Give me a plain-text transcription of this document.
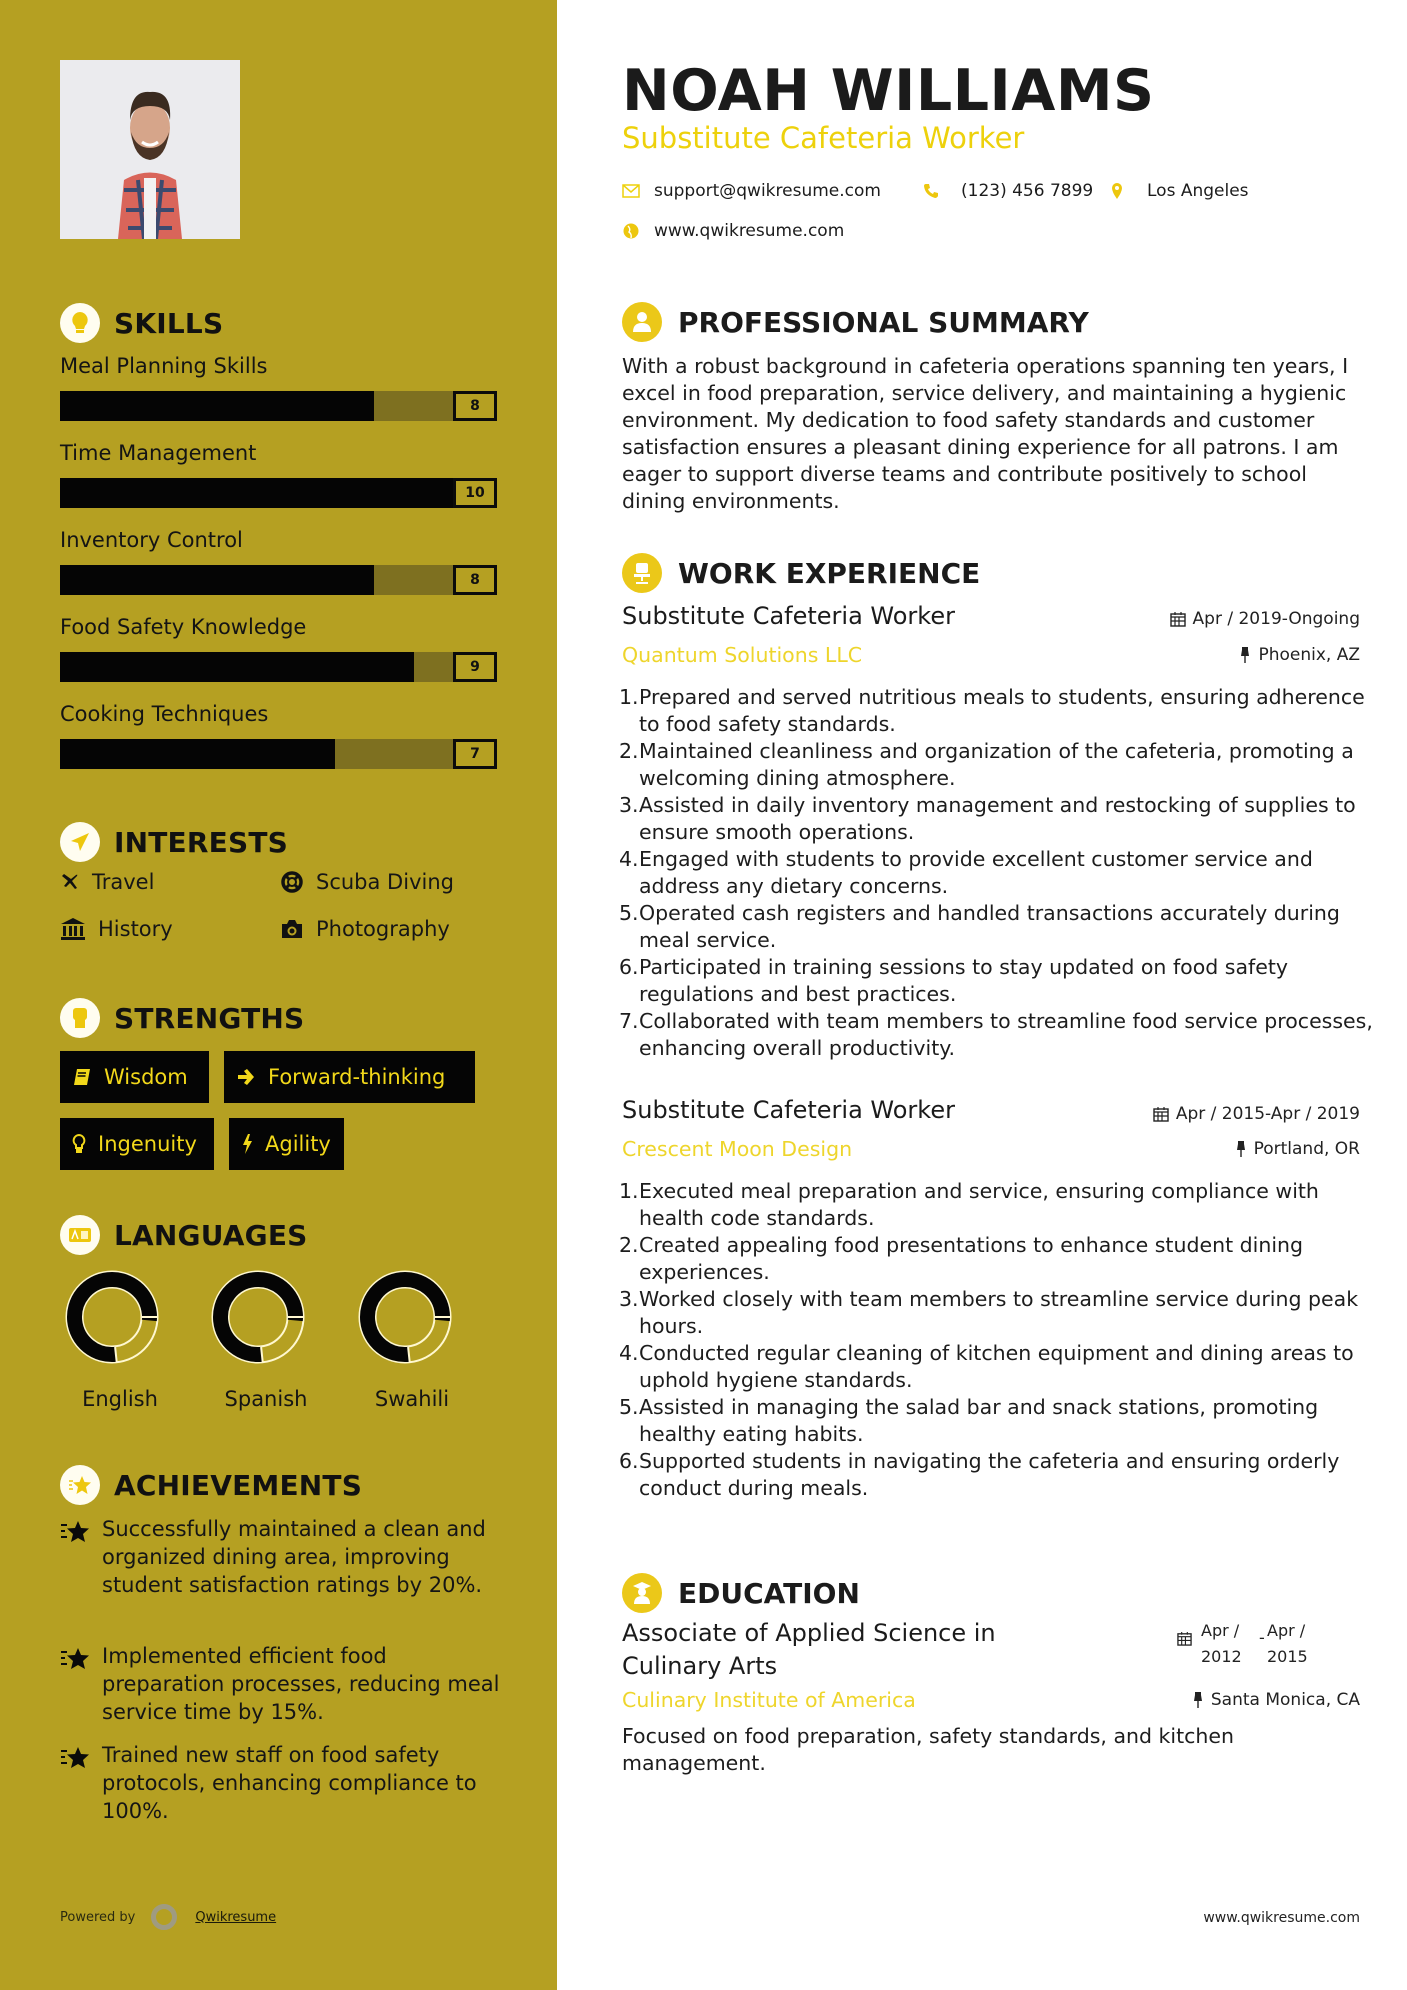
SKILLS
Meal Planning Skills
8
Time Management
10
Inventory Control
8
Food Safety Knowledge
9
Cooking Techniques
7
INTERESTS
Travel	Scuba Diving
History	Photography
STRENGTHS
Wisdom	Forward-thinking
Ingenuity	Agility
LANGUAGES
English	Spanish	Swahili
ACHIEVEMENTS
Successfully maintained a clean and organized dining area, improving student satisfaction ratings by 20%.
Implemented efficient food preparation processes, reducing meal service time by 15%.
Trained new staff on food safety protocols, enhancing compliance to 100%.
Powered by	Qwikresume
NOAH WILLIAMS
Substitute Cafeteria Worker
support@qwikresume.com	(123) 456 7899	Los Angeles
www.qwikresume.com
PROFESSIONAL SUMMARY
With a robust background in cafeteria operations spanning ten years, I excel in food preparation, service delivery, and maintaining a hygienic environment. My dedication to food safety standards and customer satisfaction ensures a pleasant dining experience for all patrons. I am eager to support diverse teams and contribute positively to school dining environments.
WORK EXPERIENCE
Substitute Cafeteria Worker	Apr / 2019-Ongoing
Quantum Solutions LLC	Phoenix, AZ
1. Prepared and served nutritious meals to students, ensuring adherence to food safety standards.
2. Maintained cleanliness and organization of the cafeteria, promoting a welcoming dining atmosphere.
3. Assisted in daily inventory management and restocking of supplies to ensure smooth operations.
4. Engaged with students to provide excellent customer service and address any dietary concerns.
5. Operated cash registers and handled transactions accurately during meal service.
6. Participated in training sessions to stay updated on food safety regulations and best practices.
7. Collaborated with team members to streamline food service processes, enhancing overall productivity.
Substitute Cafeteria Worker	Apr / 2015-Apr / 2019
Crescent Moon Design	Portland, OR
1. Executed meal preparation and service, ensuring compliance with health code standards.
2. Created appealing food presentations to enhance student dining experiences.
3. Worked closely with team members to streamline service during peak hours.
4. Conducted regular cleaning of kitchen equipment and dining areas to uphold hygiene standards.
5. Assisted in managing the salad bar and snack stations, promoting healthy eating habits.
6. Supported students in navigating the cafeteria and ensuring orderly conduct during meals.
EDUCATION
Associate of Applied Science in Culinary Arts
Apr /
2012
- Apr /
2015
Culinary Institute of America	Santa Monica, CA
Focused on food preparation, safety standards, and kitchen management.
www.qwikresume.com
